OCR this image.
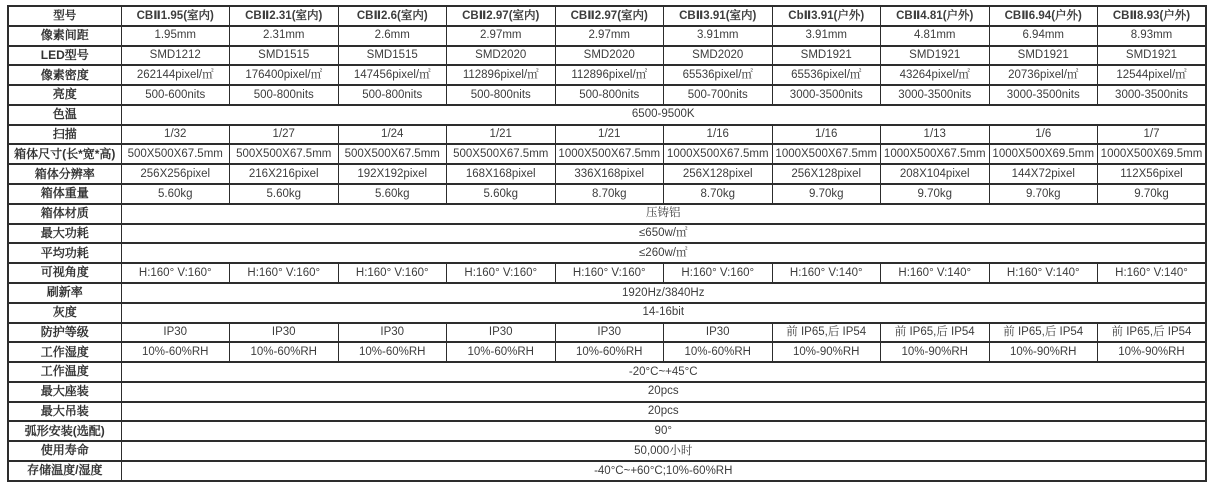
型号	CBⅡ1.95(室内)	CBⅡ2.31(室内)	CBⅡ2.6(室内)	CBⅡ2.97(室内)	CBⅡ2.97(室内)	CBⅡ3.91(室内)	CbⅡ3.91(户外)	CBⅡ4.81(户外)	CBⅡ6.94(户外)	CBⅡ8.93(户外)
像素间距	1.95mm	2.31mm	2.6mm	2.97mm	2.97mm	3.91mm	3.91mm	4.81mm	6.94mm	8.93mm
LED型号	SMD1212	SMD1515	SMD1515	SMD2020	SMD2020	SMD2020	SMD1921	SMD1921	SMD1921	SMD1921
像素密度	262144pixel/㎡	176400pixel/㎡	147456pixel/㎡	112896pixel/㎡	112896pixel/㎡	65536pixel/㎡	65536pixel/㎡	43264pixel/㎡	20736pixel/㎡	12544pixel/㎡
亮度	500-600nits	500-800nits	500-800nits	500-800nits	500-800nits	500-700nits	3000-3500nits	3000-3500nits	3000-3500nits	3000-3500nits
色温	6500-9500K									
扫描	1/32	1/27	1/24	1/21	1/21	1/16	1/16	1/13	1/6	1/7
箱体尺寸(长*宽*高)	500X500X67.5mm	500X500X67.5mm	500X500X67.5mm	500X500X67.5mm	1000X500X67.5mm	1000X500X67.5mm	1000X500X67.5mm	1000X500X67.5mm	1000X500X69.5mm	1000X500X69.5mm
箱体分辨率	256X256pixel	216X216pixel	192X192pixel	168X168pixel	336X168pixel	256X128pixel	256X128pixel	208X104pixel	144X72pixel	112X56pixel
箱体重量	5.60kg	5.60kg	5.60kg	5.60kg	8.70kg	8.70kg	9.70kg	9.70kg	9.70kg	9.70kg
箱体材质	压铸铝									
最大功耗	≤650w/㎡									
平均功耗	≤260w/㎡									
可视角度	H:160° V:160°	H:160° V:160°	H:160° V:160°	H:160° V:160°	H:160° V:160°	H:160° V:160°	H:160° V:140°	H:160° V:140°	H:160° V:140°	H:160° V:140°
刷新率	1920Hz/3840Hz									
灰度	14-16bit									
防护等级	IP30	IP30	IP30	IP30	IP30	IP30	前 IP65,后 IP54	前 IP65,后 IP54	前 IP65,后 IP54	前 IP65,后 IP54
工作湿度	10%-60%RH	10%-60%RH	10%-60%RH	10%-60%RH	10%-60%RH	10%-60%RH	10%-90%RH	10%-90%RH	10%-90%RH	10%-90%RH
工作温度	-20°C~+45°C									
最大座装	20pcs									
最大吊装	20pcs									
弧形安装(选配)	90°									
使用寿命	50,000小时									
存储温度/湿度	-40°C~+60°C;10%-60%RH									
